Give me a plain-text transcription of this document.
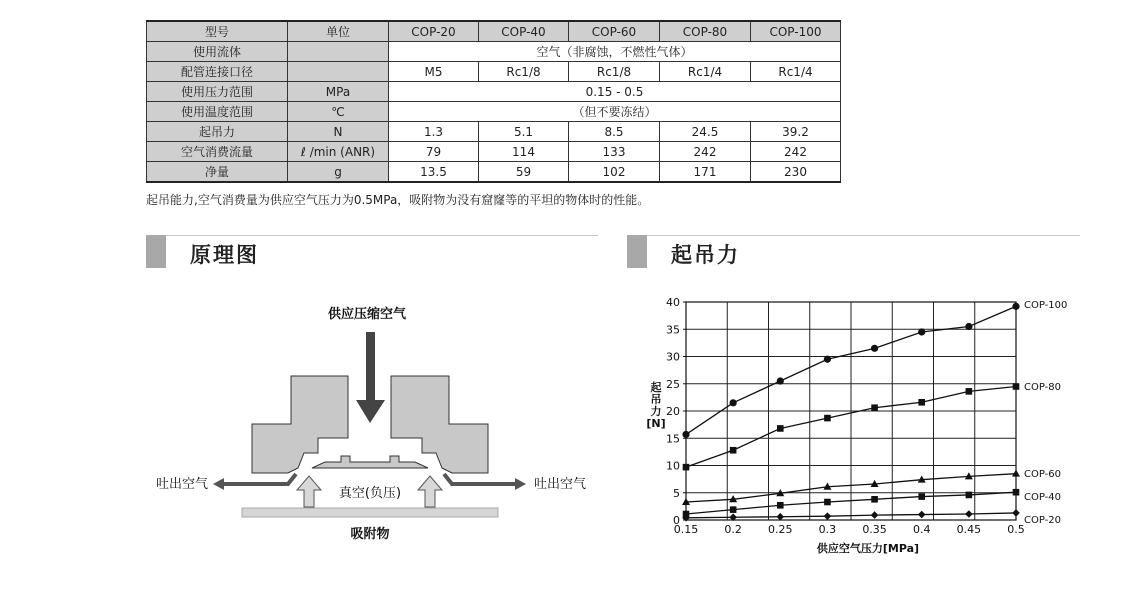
型号	单位	COP-20	COP-40	COP-60	COP-80	COP-100
使用流体		空气（非腐蚀，不燃性气体）				
配管连接口径		M5	Rc1/8	Rc1/8	Rc1/4	Rc1/4
使用压力范围	MPa	0.15 - 0.5				
使用温度范围	℃	（但不要冻结）				
起吊力	N	1.3	5.1	8.5	24.5	39.2
空气消费流量	ℓ /min (ANR)	79	114	133	242	242
净量	g	13.5	59	102	171	230
起吊能力,空气消费量为供应空气压力为0.5MPa，吸附物为没有窟窿等的平坦的物体时的性能。
原理图	起吊力
供应压缩空气
吐出空气	吐出空气
真空(负压)
吸附物
0
5
10
15
20
25
30
35
40
0.15 0.2 0.25 0.3 0.35 0.4 0.45 0.5
COP-100
COP-80
COP-60
COP-40
COP-20
起
吊
力
[N]
供应空气压力[MPa]
